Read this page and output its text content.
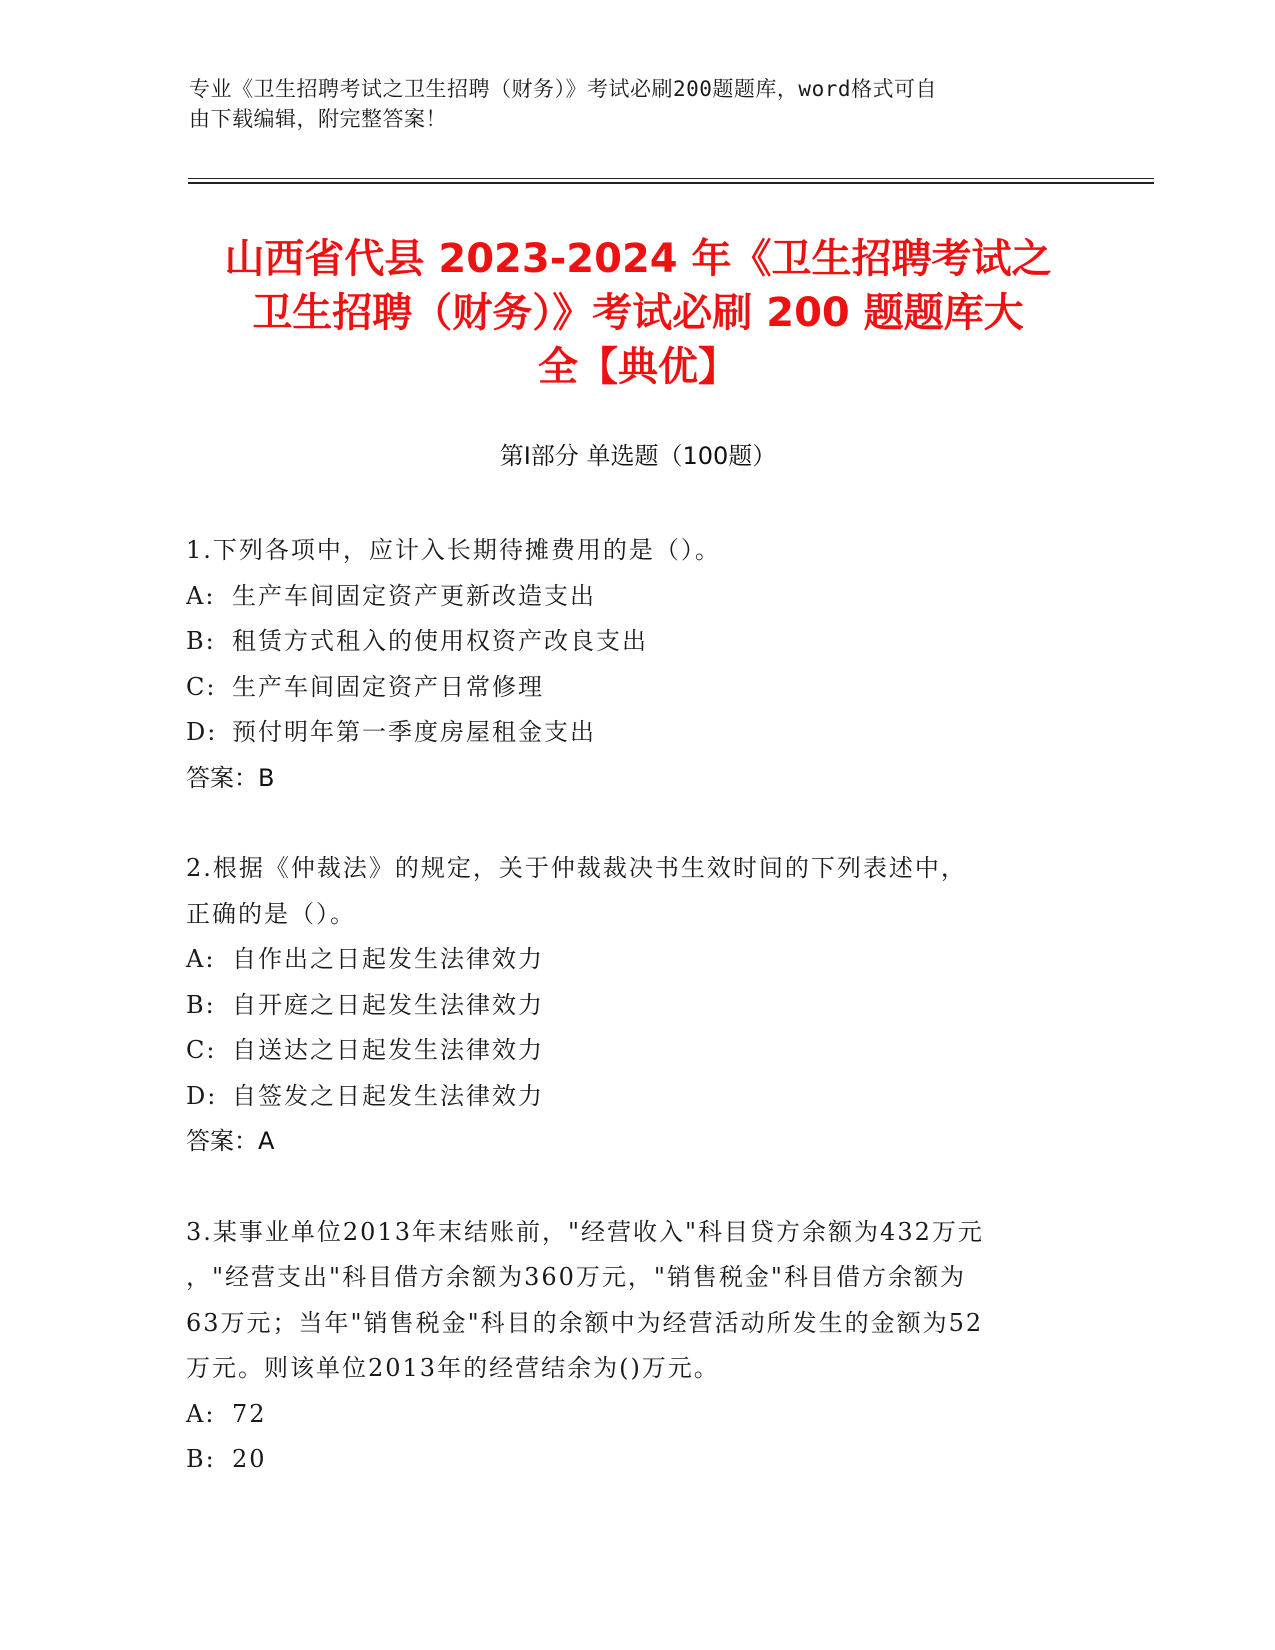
专业《卫生招聘考试之卫生招聘（财务）》考试必刷200题题库，word格式可自
由下载编辑，附完整答案！
山西省代县 2023-2024 年《卫生招聘考试之
卫生招聘（财务）》考试必刷 200 题题库大
全【典优】
第Ⅰ部分 单选题（100题）
1.下列各项中，应计入长期待摊费用的是（）。
A: 生产车间固定资产更新改造支出
B: 租赁方式租入的使用权资产改良支出
C: 生产车间固定资产日常修理
D: 预付明年第一季度房屋租金支出
答案：B
2.根据《仲裁法》的规定，关于仲裁裁决书生效时间的下列表述中，
正确的是（）。
A: 自作出之日起发生法律效力
B: 自开庭之日起发生法律效力
C: 自送达之日起发生法律效力
D: 自签发之日起发生法律效力
答案：A
3.某事业单位2013年末结账前，"经营收入"科目贷方余额为432万元
，"经营支出"科目借方余额为360万元，"销售税金"科目借方余额为
63万元；当年"销售税金"科目的余额中为经营活动所发生的金额为52
万元。则该单位2013年的经营结余为()万元。
A: 72
B: 20
